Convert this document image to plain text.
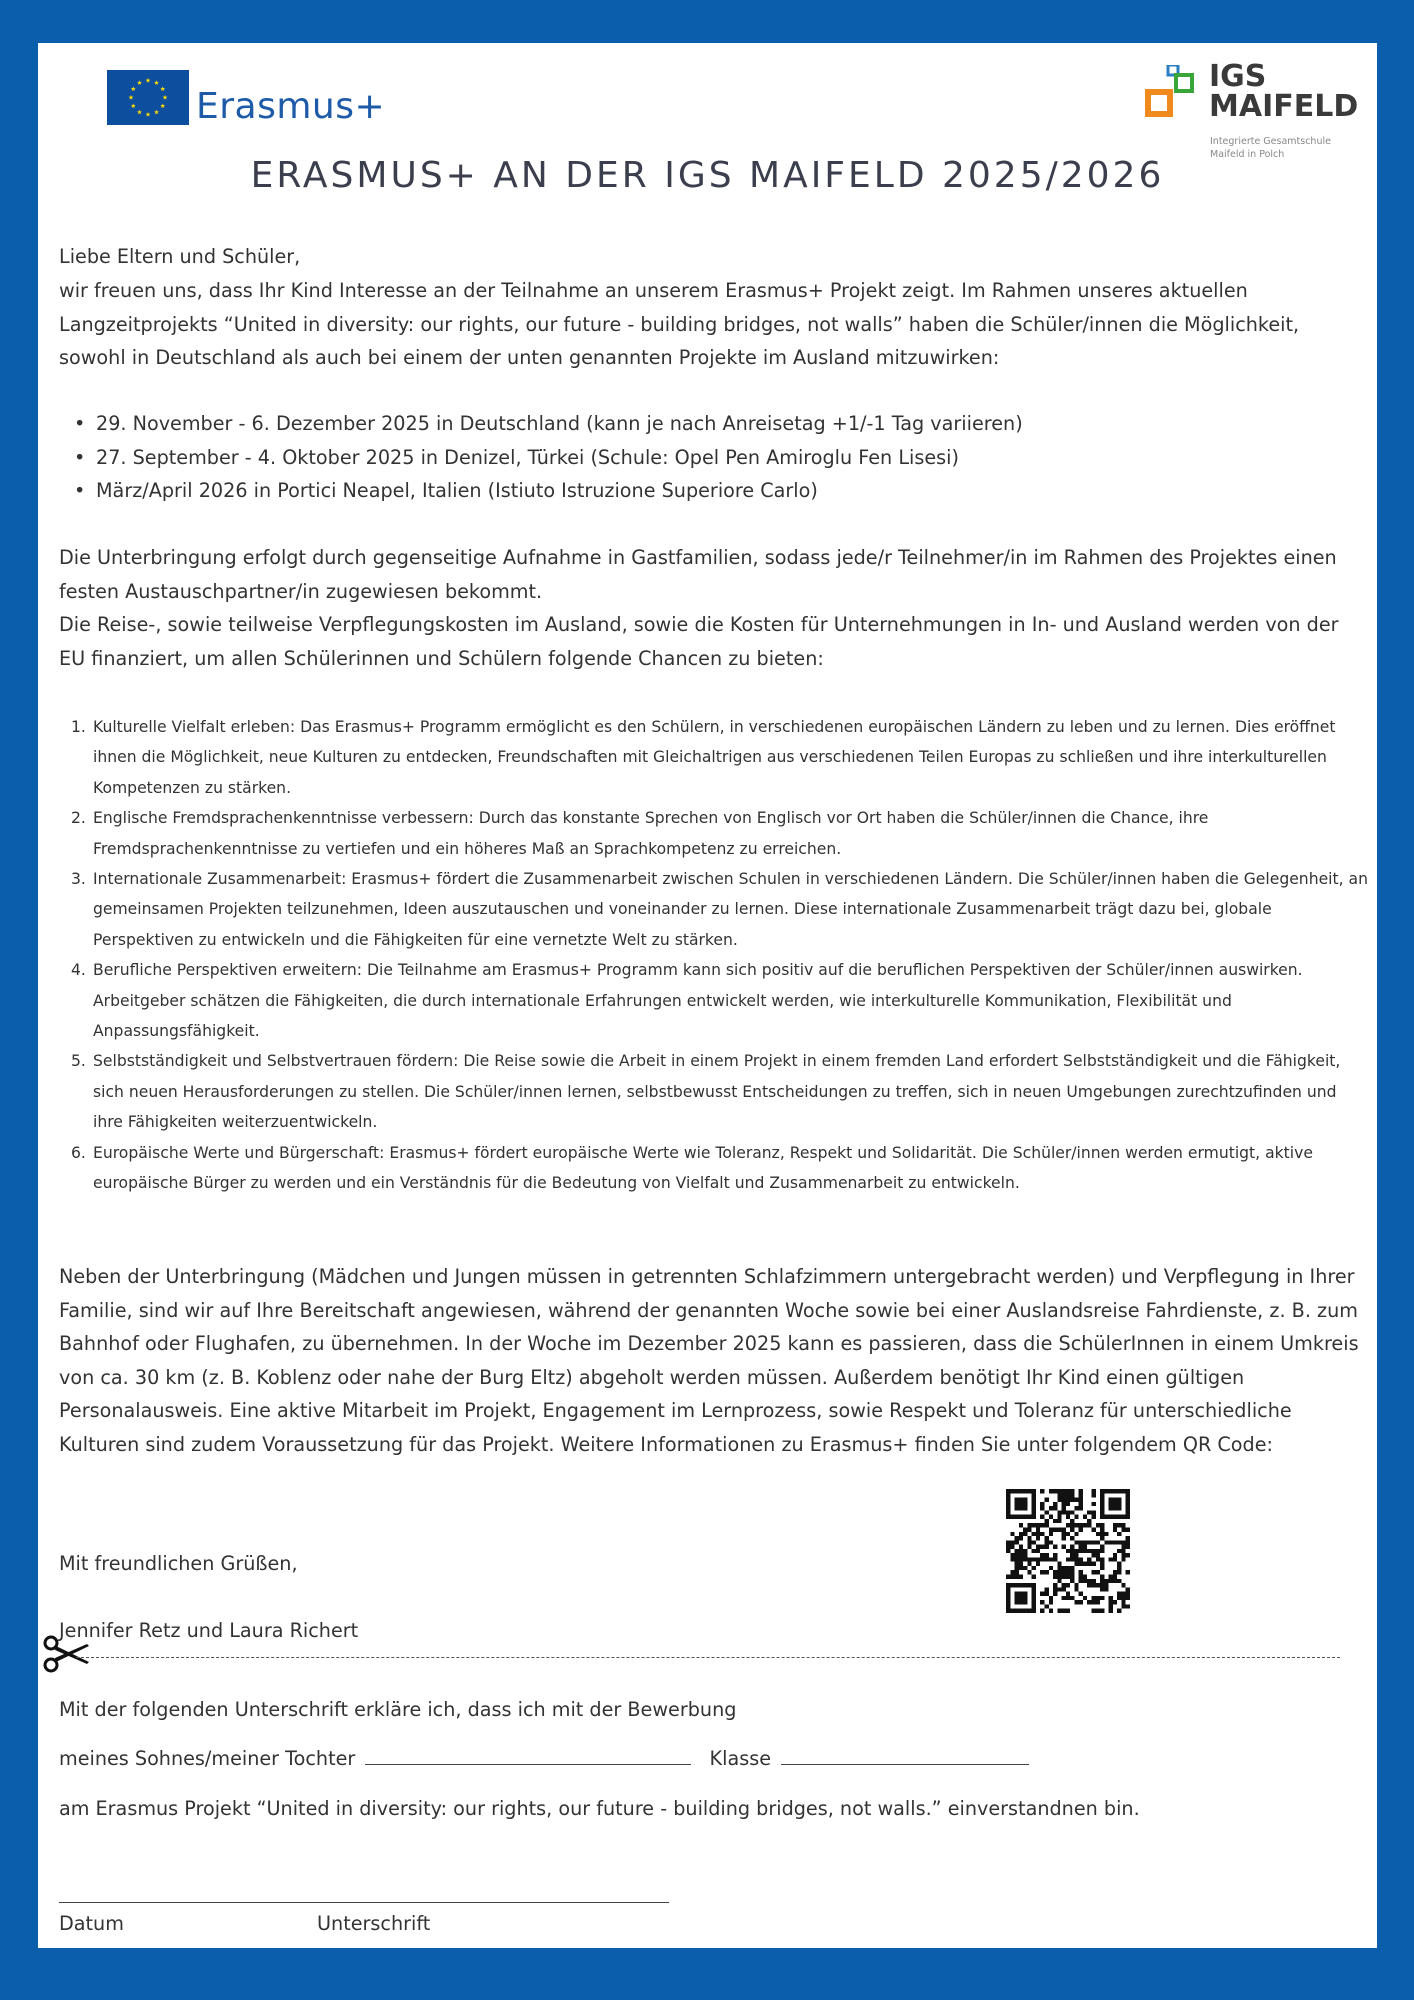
Erasmus+
IGS
MAIFELD
Integrierte Gesamtschule
Maifeld in Polch
ERASMUS+ AN DER IGS MAIFELD 2025/2026

Liebe Eltern und Schüler,

wir freuen uns, dass Ihr Kind Interesse an der Teilnahme an unserem Erasmus+ Projekt zeigt. Im Rahmen unseres aktuellen Langzeitprojekts “United in diversity: our rights, our future - building bridges, not walls” haben die Schüler/innen die Möglichkeit, sowohl in Deutschland als auch bei einem der unten genannten Projekte im Ausland mitzuwirken:

• 29. November - 6. Dezember 2025 in Deutschland (kann je nach Anreisetag +1/-1 Tag variieren)
• 27. September - 4. Oktober 2025 in Denizel, Türkei (Schule: Opel Pen Amiroglu Fen Lisesi)
• März/April 2026 in Portici Neapel, Italien (Istiuto Istruzione Superiore Carlo)

Die Unterbringung erfolgt durch gegenseitige Aufnahme in Gastfamilien, sodass jede/r Teilnehmer/in im Rahmen des Projektes einen festen Austauschpartner/in zugewiesen bekommt.

Die Reise-, sowie teilweise Verpflegungskosten im Ausland, sowie die Kosten für Unternehmungen in In- und Ausland werden von der EU finanziert, um allen Schülerinnen und Schülern folgende Chancen zu bieten:

1. Kulturelle Vielfalt erleben: Das Erasmus+ Programm ermöglicht es den Schülern, in verschiedenen europäischen Ländern zu leben und zu lernen. Dies eröffnet ihnen die Möglichkeit, neue Kulturen zu entdecken, Freundschaften mit Gleichaltrigen aus verschiedenen Teilen Europas zu schließen und ihre interkulturellen Kompetenzen zu stärken.
2. Englische Fremdsprachenkenntnisse verbessern: Durch das konstante Sprechen von Englisch vor Ort haben die Schüler/innen die Chance, ihre Fremdsprachenkenntnisse zu vertiefen und ein höheres Maß an Sprachkompetenz zu erreichen.
3. Internationale Zusammenarbeit: Erasmus+ fördert die Zusammenarbeit zwischen Schulen in verschiedenen Ländern. Die Schüler/innen haben die Gelegenheit, an gemeinsamen Projekten teilzunehmen, Ideen auszutauschen und voneinander zu lernen. Diese internationale Zusammenarbeit trägt dazu bei, globale Perspektiven zu entwickeln und die Fähigkeiten für eine vernetzte Welt zu stärken.
4. Berufliche Perspektiven erweitern: Die Teilnahme am Erasmus+ Programm kann sich positiv auf die beruflichen Perspektiven der Schüler/innen auswirken. Arbeitgeber schätzen die Fähigkeiten, die durch internationale Erfahrungen entwickelt werden, wie interkulturelle Kommunikation, Flexibilität und Anpassungsfähigkeit.
5. Selbstständigkeit und Selbstvertrauen fördern: Die Reise sowie die Arbeit in einem Projekt in einem fremden Land erfordert Selbstständigkeit und die Fähigkeit, sich neuen Herausforderungen zu stellen. Die Schüler/innen lernen, selbstbewusst Entscheidungen zu treffen, sich in neuen Umgebungen zurechtzufinden und ihre Fähigkeiten weiterzuentwickeln.
6. Europäische Werte und Bürgerschaft: Erasmus+ fördert europäische Werte wie Toleranz, Respekt und Solidarität. Die Schüler/innen werden ermutigt, aktive europäische Bürger zu werden und ein Verständnis für die Bedeutung von Vielfalt und Zusammenarbeit zu entwickeln.

Neben der Unterbringung (Mädchen und Jungen müssen in getrennten Schlafzimmern untergebracht werden) und Verpflegung in Ihrer Familie, sind wir auf Ihre Bereitschaft angewiesen, während der genannten Woche sowie bei einer Auslandsreise Fahrdienste, z. B. zum Bahnhof oder Flughafen, zu übernehmen. In der Woche im Dezember 2025 kann es passieren, dass die SchülerInnen in einem Umkreis von ca. 30 km (z. B. Koblenz oder nahe der Burg Eltz) abgeholt werden müssen. Außerdem benötigt Ihr Kind einen gültigen Personalausweis. Eine aktive Mitarbeit im Projekt, Engagement im Lernprozess, sowie Respekt und Toleranz für unterschiedliche Kulturen sind zudem Voraussetzung für das Projekt. Weitere Informationen zu Erasmus+ finden Sie unter folgendem QR Code:

Mit freundlichen Grüßen,

Jennifer Retz und Laura Richert

Mit der folgenden Unterschrift erkläre ich, dass ich mit der Bewerbung
meines Sohnes/meiner Tochter	Klasse
am Erasmus Projekt “United in diversity: our rights, our future - building bridges, not walls.” einverstandnen bin.
Datum	Unterschrift
